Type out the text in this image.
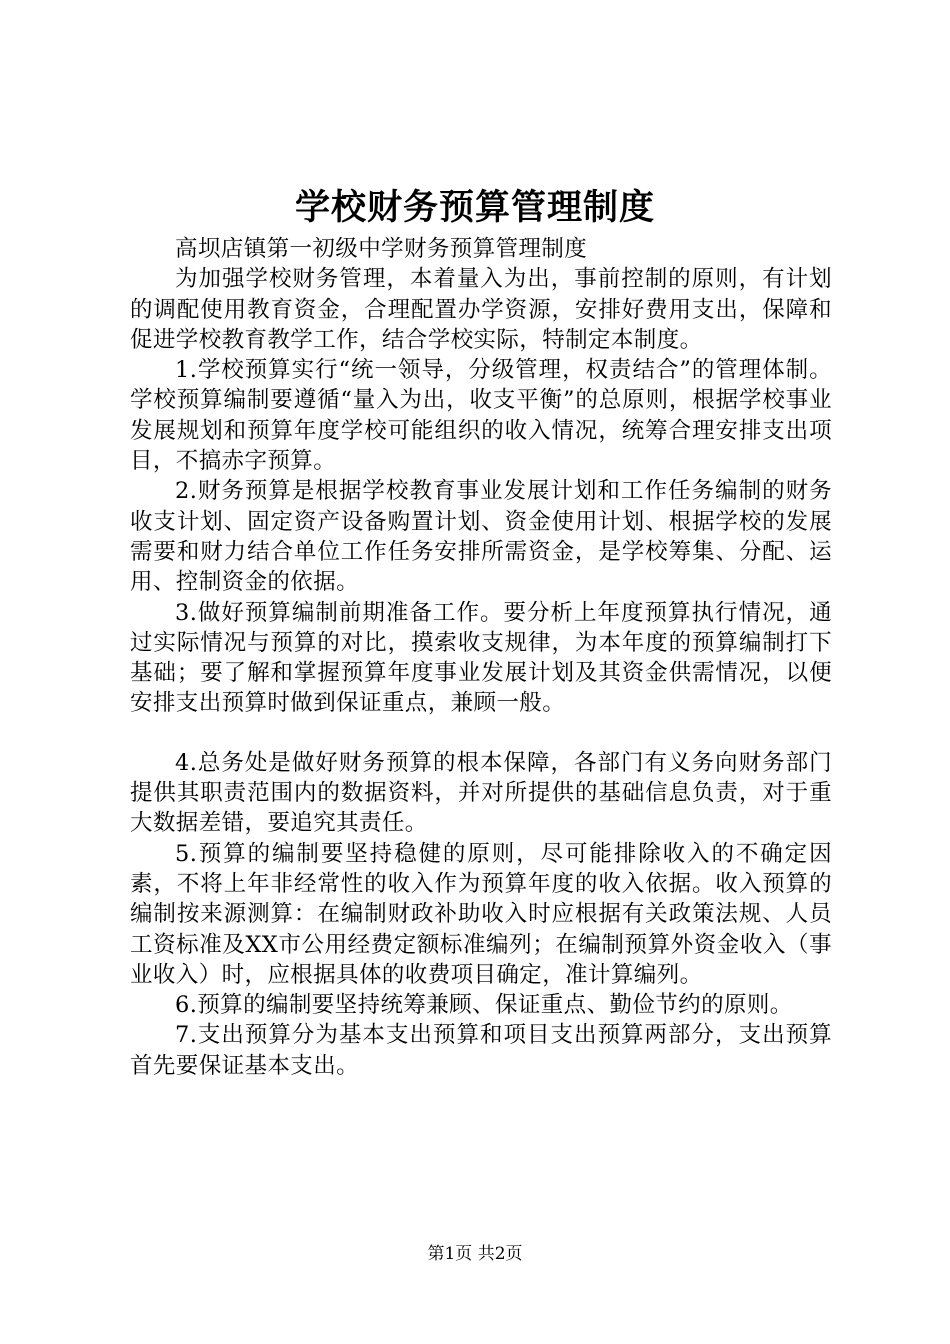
学校财务预算管理制度

高坝店镇第一初级中学财务预算管理制度

为加强学校财务管理，本着量入为出，事前控制的原则，有计划的调配使用教育资金，合理配置办学资源，安排好费用支出，保障和促进学校教育教学工作，结合学校实际，特制定本制度。

1.学校预算实行“统一领导，分级管理，权责结合”的管理体制。学校预算编制要遵循“量入为出，收支平衡”的总原则，根据学校事业发展规划和预算年度学校可能组织的收入情况，统筹合理安排支出项目，不搞赤字预算。

2.财务预算是根据学校教育事业发展计划和工作任务编制的财务收支计划、固定资产设备购置计划、资金使用计划、根据学校的发展需要和财力结合单位工作任务安排所需资金，是学校筹集、分配、运用、控制资金的依据。

3.做好预算编制前期准备工作。要分析上年度预算执行情况，通过实际情况与预算的对比，摸索收支规律，为本年度的预算编制打下基础；要了解和掌握预算年度事业发展计划及其资金供需情况，以便安排支出预算时做到保证重点，兼顾一般。

4.总务处是做好财务预算的根本保障，各部门有义务向财务部门提供其职责范围内的数据资料，并对所提供的基础信息负责，对于重大数据差错，要追究其责任。

5.预算的编制要坚持稳健的原则，尽可能排除收入的不确定因素，不将上年非经常性的收入作为预算年度的收入依据。收入预算的编制按来源测算：在编制财政补助收入时应根据有关政策法规、人员工资标准及XX市公用经费定额标准编列；在编制预算外资金收入（事业收入）时，应根据具体的收费项目确定，准计算编列。

6.预算的编制要坚持统筹兼顾、保证重点、勤俭节约的原则。

7.支出预算分为基本支出预算和项目支出预算两部分，支出预算首先要保证基本支出。

第1页 共2页
